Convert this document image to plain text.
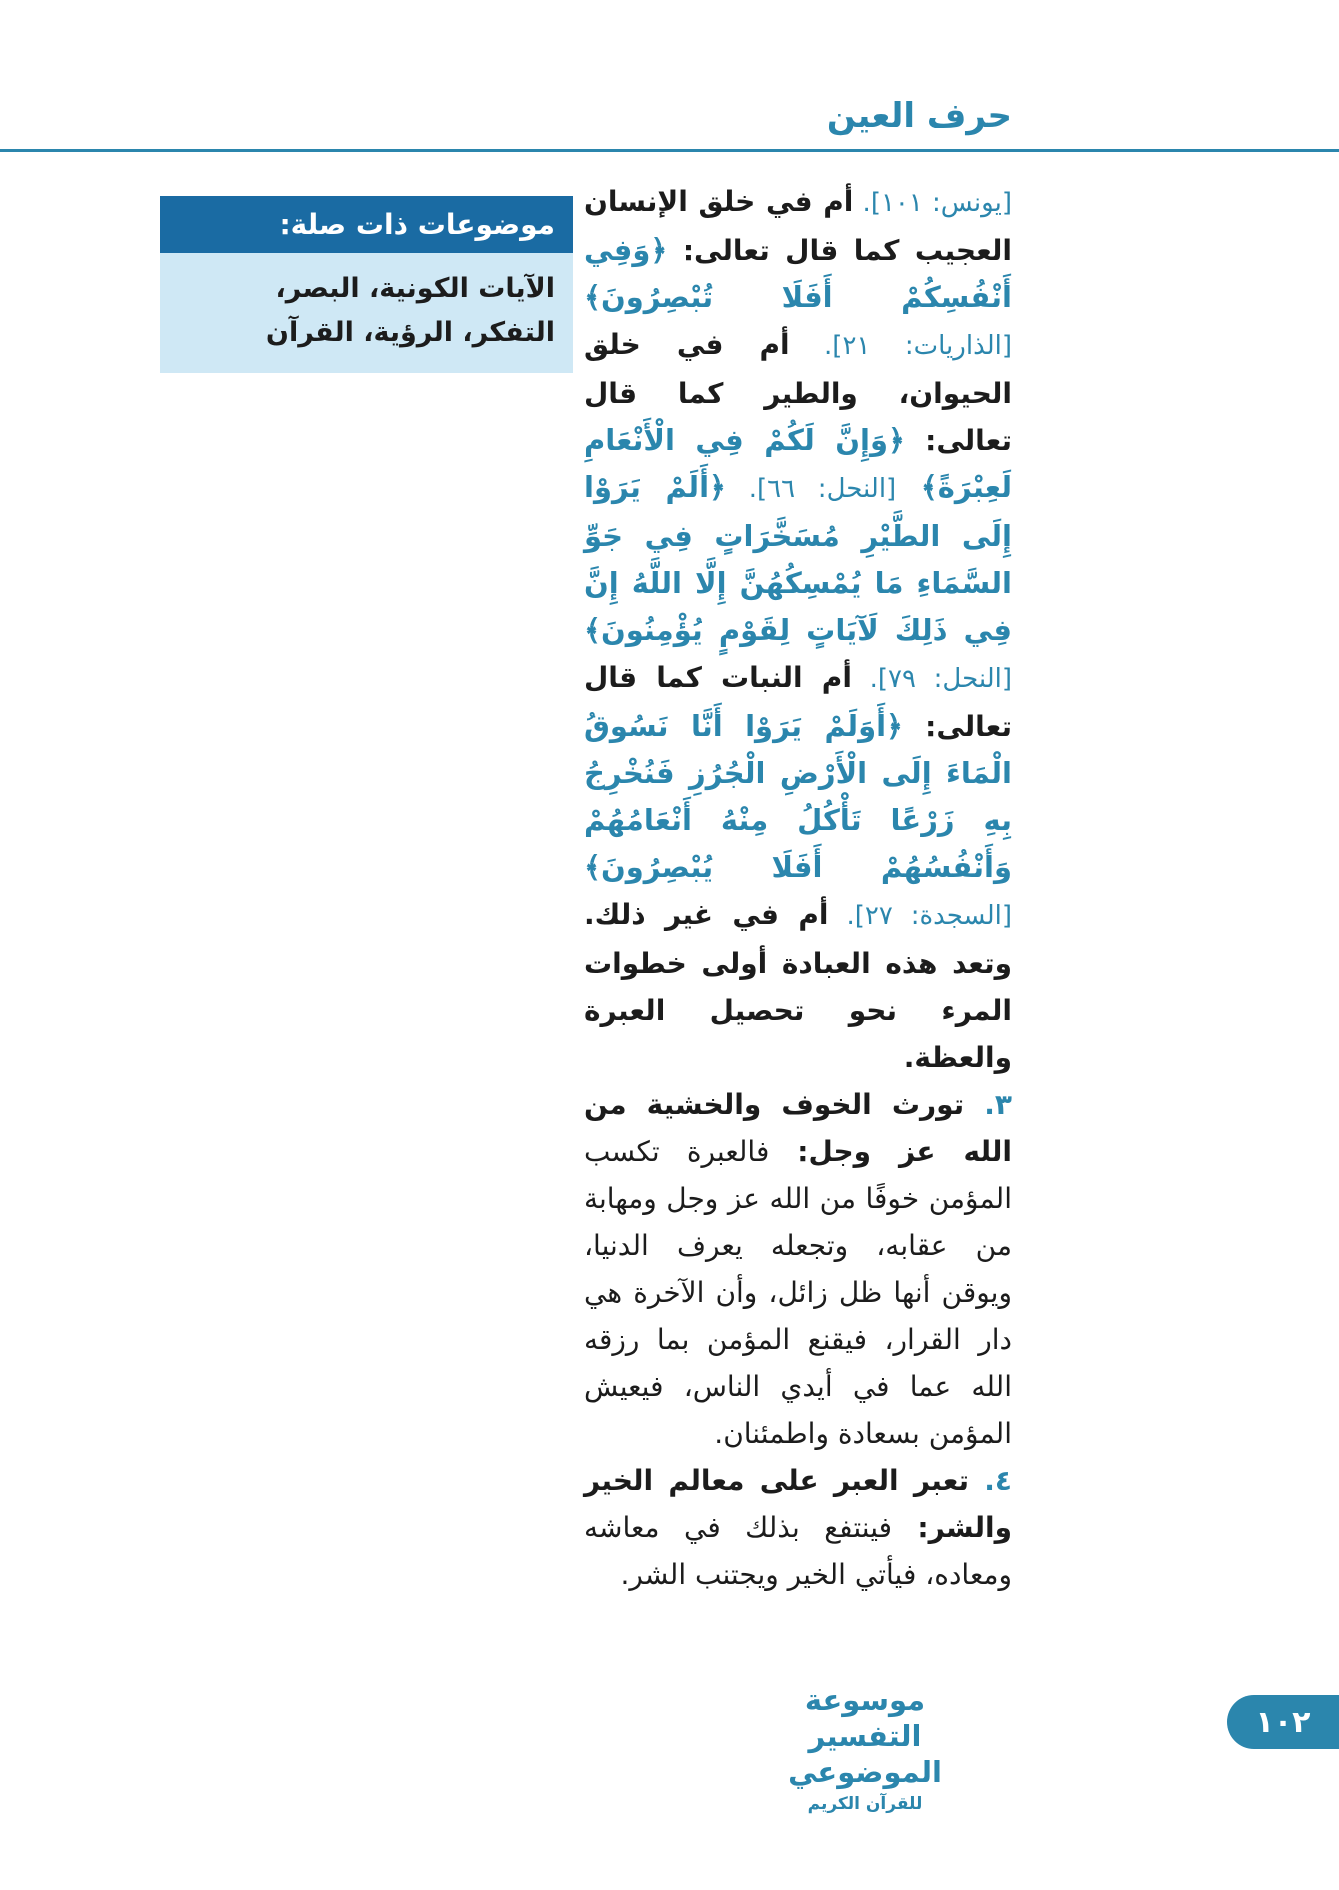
حرف العين
موضوعات ذات صلة:
الآيات الكونية، البصر، التفكر، الرؤية، القرآن

[يونس: ١٠١]. أم في خلق الإنسان العجيب كما قال تعالى: ﴿وَفِي أَنْفُسِكُمْ أَفَلَا تُبْصِرُونَ﴾ [الذاريات: ٢١]. أم في خلق الحيوان، والطير كما قال تعالى: ﴿وَإِنَّ لَكُمْ فِي الْأَنْعَامِ لَعِبْرَةً﴾ [النحل: ٦٦]. ﴿أَلَمْ يَرَوْا إِلَى الطَّيْرِ مُسَخَّرَاتٍ فِي جَوِّ السَّمَاءِ مَا يُمْسِكُهُنَّ إِلَّا اللَّهُ إِنَّ فِي ذَلِكَ لَآيَاتٍ لِقَوْمٍ يُؤْمِنُونَ﴾ [النحل: ٧٩]. أم النبات كما قال تعالى: ﴿أَوَلَمْ يَرَوْا أَنَّا نَسُوقُ الْمَاءَ إِلَى الْأَرْضِ الْجُرُزِ فَنُخْرِجُ بِهِ زَرْعًا تَأْكُلُ مِنْهُ أَنْعَامُهُمْ وَأَنْفُسُهُمْ أَفَلَا يُبْصِرُونَ﴾ [السجدة: ٢٧]. أم في غير ذلك. وتعد هذه العبادة أولى خطوات المرء نحو تحصيل العبرة والعظة.

٣. تورث الخوف والخشية من الله عز وجل: فالعبرة تكسب المؤمن خوفًا من الله عز وجل ومهابة من عقابه، وتجعله يعرف الدنيا، ويوقن أنها ظل زائل، وأن الآخرة هي دار القرار، فيقنع المؤمن بما رزقه الله عما في أيدي الناس، فيعيش المؤمن بسعادة واطمئنان.

٤. تعبر العبر على معالم الخير والشر: فينتفع بذلك في معاشه ومعاده، فيأتي الخير ويجتنب الشر.

موسوعة التفسير الموضوعي
للقرآن الكريم
١٠٢
